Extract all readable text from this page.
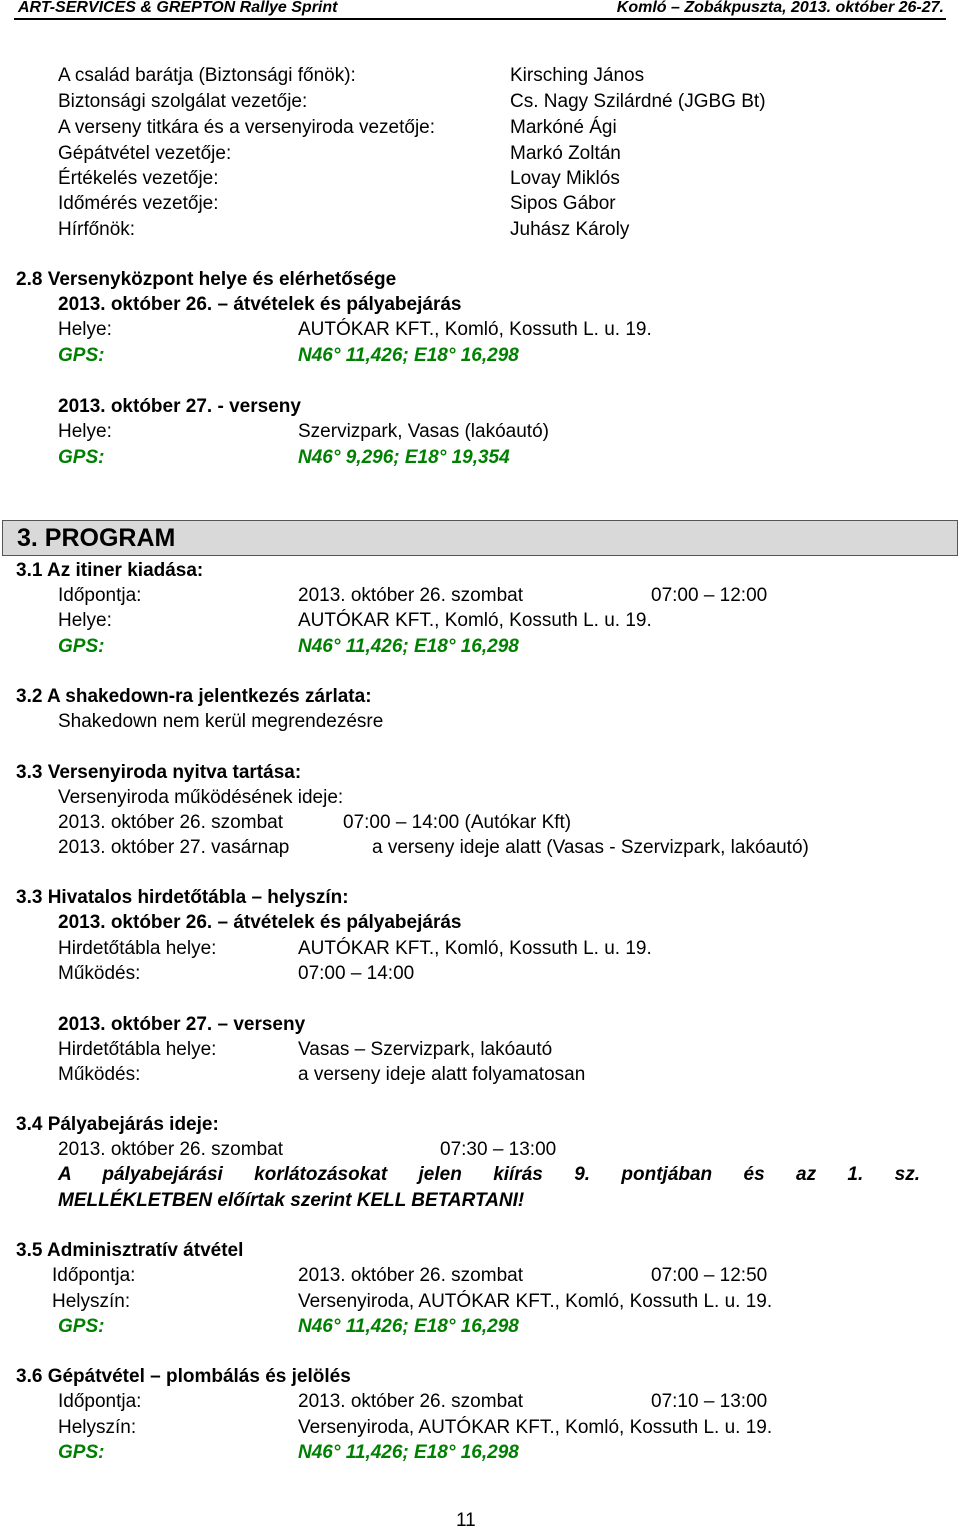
ART-SERVICES & GREPTON Rallye Sprint	Komló – Zobákpuszta, 2013. október 26-27.
A család barátja (Biztonsági főnök):	Kirsching János
Biztonsági szolgálat vezetője:	Cs. Nagy Szilárdné (JGBG Bt)
A verseny titkára és a versenyiroda vezetője:	Markóné Ági
Gépátvétel vezetője:	Markó Zoltán
Értékelés vezetője:	Lovay Miklós
Időmérés vezetője:	Sipos Gábor
Hírfőnök:	Juhász Károly
2.8 Versenyközpont helye és elérhetősége
2013. október 26. – átvételek és pályabejárás
Helye:	AUTÓKAR KFT., Komló, Kossuth L. u. 19.
GPS:	N46° 11,426; E18° 16,298
2013. október 27. - verseny
Helye:	Szervizpark, Vasas (lakóautó)
GPS:	N46° 9,296; E18° 19,354
3. PROGRAM
3.1 Az itiner kiadása:
Időpontja:	2013. október 26. szombat	07:00 – 12:00
Helye:	AUTÓKAR KFT., Komló, Kossuth L. u. 19.
GPS:	N46° 11,426; E18° 16,298
3.2 A shakedown-ra jelentkezés zárlata:
Shakedown nem kerül megrendezésre
3.3 Versenyiroda nyitva tartása:
Versenyiroda működésének ideje:
2013. október 26. szombat	07:00 – 14:00 (Autókar Kft)
2013. október 27. vasárnap	a verseny ideje alatt (Vasas - Szervizpark, lakóautó)
3.3 Hivatalos hirdetőtábla – helyszín:
2013. október 26. – átvételek és pályabejárás
Hirdetőtábla helye:	AUTÓKAR KFT., Komló, Kossuth L. u. 19.
Működés:	07:00 – 14:00
2013. október 27. – verseny
Hirdetőtábla helye:	Vasas – Szervizpark, lakóautó
Működés:	a verseny ideje alatt folyamatosan
3.4 Pályabejárás ideje:
2013. október 26. szombat	07:30 – 13:00
A pályabejárási korlátozásokat jelen kiírás 9. pontjában és az 1. sz.
MELLÉKLETBEN előírtak szerint KELL BETARTANI!
3.5 Adminisztratív átvétel
Időpontja:	2013. október 26. szombat	07:00 – 12:50
Helyszín:	Versenyiroda, AUTÓKAR KFT., Komló, Kossuth L. u. 19.
GPS:	N46° 11,426; E18° 16,298
3.6 Gépátvétel – plombálás és jelölés
Időpontja:	2013. október 26. szombat	07:10 – 13:00
Helyszín:	Versenyiroda, AUTÓKAR KFT., Komló, Kossuth L. u. 19.
GPS:	N46° 11,426; E18° 16,298
11
